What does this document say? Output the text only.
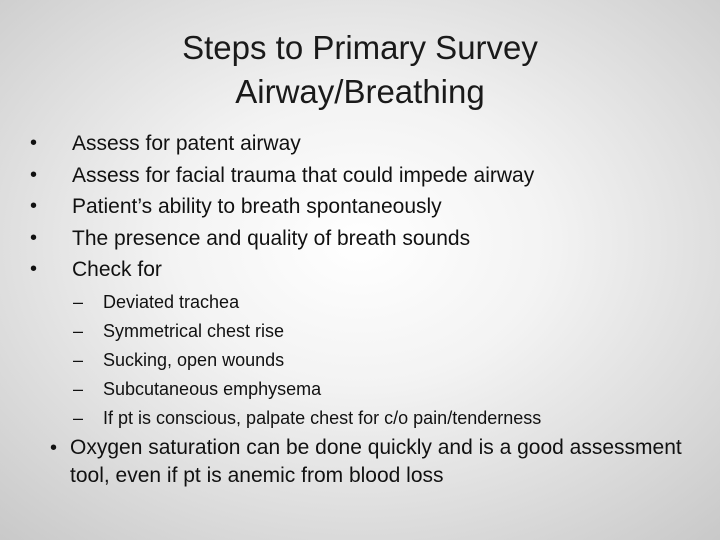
Steps to Primary Survey
Airway/Breathing
• Assess for patent airway
• Assess for facial trauma that could impede airway
• Patient’s ability to breath spontaneously
• The presence and quality of breath sounds
• Check for
– Deviated trachea
– Symmetrical chest rise
– Sucking, open wounds
– Subcutaneous emphysema
– If pt is conscious, palpate chest for c/o pain/tenderness
• Oxygen saturation can be done quickly and is a good assessment tool, even if pt is anemic from blood loss
